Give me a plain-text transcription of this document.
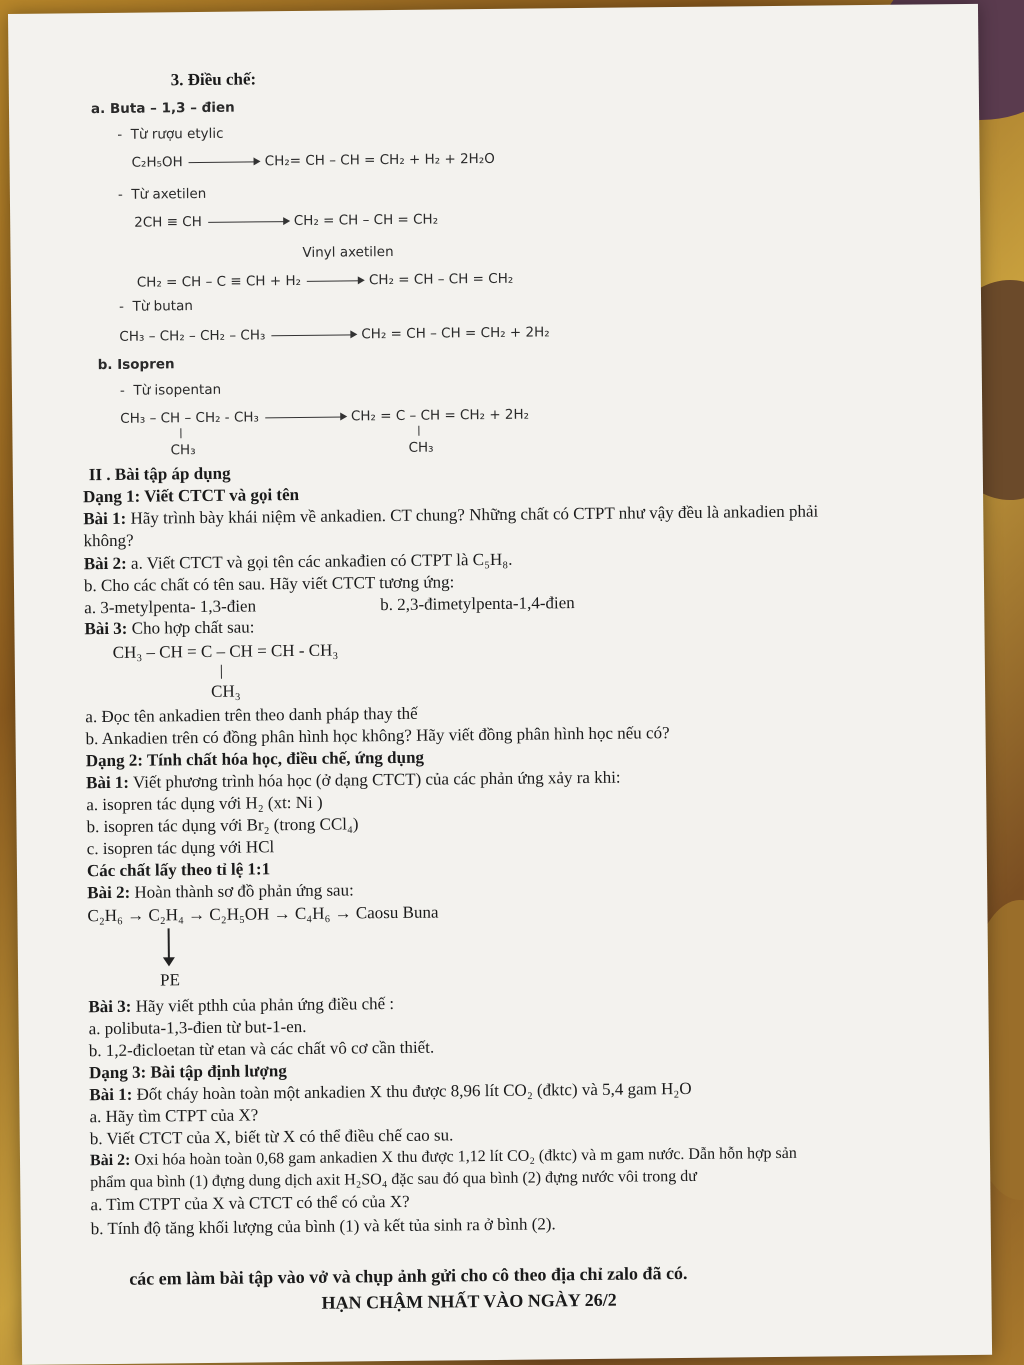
3. Điều chế:
a. Buta – 1,3 – đien
-  Từ rượu etylic
C₂H₅OH	CH₂= CH – CH = CH₂ + H₂ + 2H₂O
-  Từ axetilen
2CH ≡ CH	CH₂ = CH – CH = CH₂
Vinyl axetilen
CH₂ = CH – C ≡ CH + H₂	CH₂ = CH – CH = CH₂
-  Từ butan
CH₃ – CH₂ – CH₂ – CH₃	CH₂ = CH – CH = CH₂ + 2H₂
b. Isopren
-  Từ isopentan
CH₃ – CH – CH₂ - CH₃	CH₂ = C – CH = CH₂ + 2H₂
CH₃	CH₃
II . Bài tập áp dụng
Dạng 1: Viết CTCT và gọi tên
Bài 1: Hãy trình bày khái niệm về ankadien. CT chung? Những chất có CTPT như vậy đều là ankadien phải
không?
Bài 2: a. Viết CTCT và gọi tên các ankađien có CTPT là C₅H₈.
b. Cho các chất có tên sau. Hãy viết CTCT tương ứng:
a. 3-metylpenta- 1,3-đien	b. 2,3-đimetylpenta-1,4-đien
Bài 3: Cho hợp chất sau:
CH₃ – CH = C – CH = CH - CH₃
CH₃
a. Đọc tên ankadien trên theo danh pháp thay thế
b. Ankadien trên có đồng phân hình học không? Hãy viết đồng phân hình học nếu có?
Dạng 2: Tính chất hóa học, điều chế, ứng dụng
Bài 1: Viết phương trình hóa học (ở dạng CTCT) của các phản ứng xảy ra khi:
a. isopren tác dụng với H₂ (xt: Ni )
b. isopren tác dụng với Br₂ (trong CCl₄)
c. isopren tác dụng với HCl
Các chất lấy theo tỉ lệ 1:1
Bài 2: Hoàn thành sơ đồ phản ứng sau:
C₂H₆ → C₂H₄ → C₂H₅OH → C₄H₆ → Caosu Buna
PE
Bài 3: Hãy viết pthh của phản ứng điều chế :
a. polibuta-1,3-đien từ but-1-en.
b. 1,2-đicloetan từ etan và các chất vô cơ cần thiết.
Dạng 3: Bài tập định lượng
Bài 1: Đốt cháy hoàn toàn một ankadien X thu được 8,96 lít CO₂ (đktc) và 5,4 gam H₂O
a. Hãy tìm CTPT của X?
b. Viết CTCT của X, biết từ X có thể điều chế cao su.
Bài 2: Oxi hóa hoàn toàn 0,68 gam ankadien X thu được 1,12 lít CO₂ (đktc) và m gam nước. Dẫn hỗn hợp sản
phẩm qua bình (1) đựng dung dịch axit H₂SO₄ đặc sau đó qua bình (2) đựng nước vôi trong dư
a. Tìm CTPT của X và CTCT có thể có của X?
b. Tính độ tăng khối lượng của bình (1) và kết tủa sinh ra ở bình (2).
các em làm bài tập vào vở và chụp ảnh gửi cho cô theo địa chỉ zalo đã có.
HẠN CHẬM NHẤT VÀO NGÀY 26/2
